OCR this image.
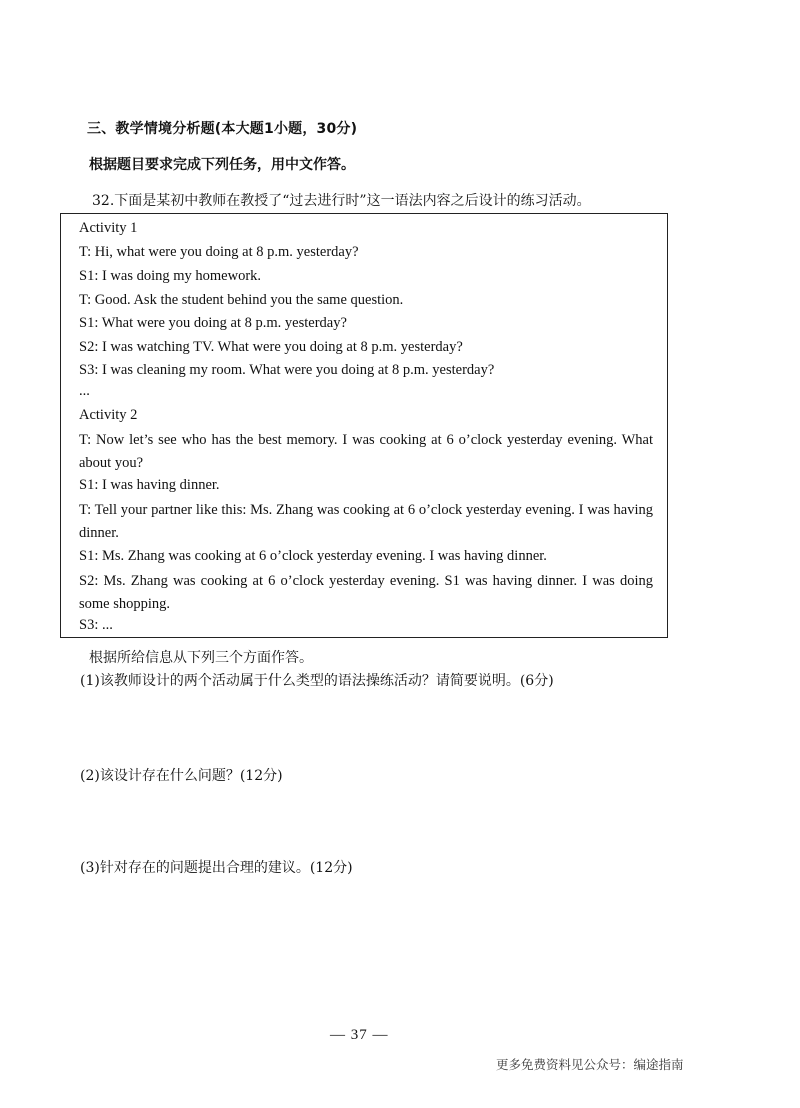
三、教学情境分析题(本大题1小题，30分)
根据题目要求完成下列任务，用中文作答。
32.下面是某初中教师在教授了“过去进行时”这一语法内容之后设计的练习活动。
Activity 1
T: Hi, what were you doing at 8 p.m. yesterday?
S1: I was doing my homework.
T: Good. Ask the student behind you the same question.
S1: What were you doing at 8 p.m. yesterday?
S2: I was watching TV. What were you doing at 8 p.m. yesterday?
S3: I was cleaning my room. What were you doing at 8 p.m. yesterday?
...
Activity 2
T: Now let’s see who has the best memory. I was cooking at 6 o’clock yesterday evening. What about you?
S1: I was having dinner.
T: Tell your partner like this: Ms. Zhang was cooking at 6 o’clock yesterday evening. I was having dinner.
S1: Ms. Zhang was cooking at 6 o’clock yesterday evening. I was having dinner.
S2: Ms. Zhang was cooking at 6 o’clock yesterday evening. S1 was having dinner. I was doing some shopping.
S3: ...
根据所给信息从下列三个方面作答。
(1)该教师设计的两个活动属于什么类型的语法操练活动？请简要说明。(6分)
(2)该设计存在什么问题？(12分)
(3)针对存在的问题提出合理的建议。(12分)
— 37 —
更多免费资料见公众号：编途指南
